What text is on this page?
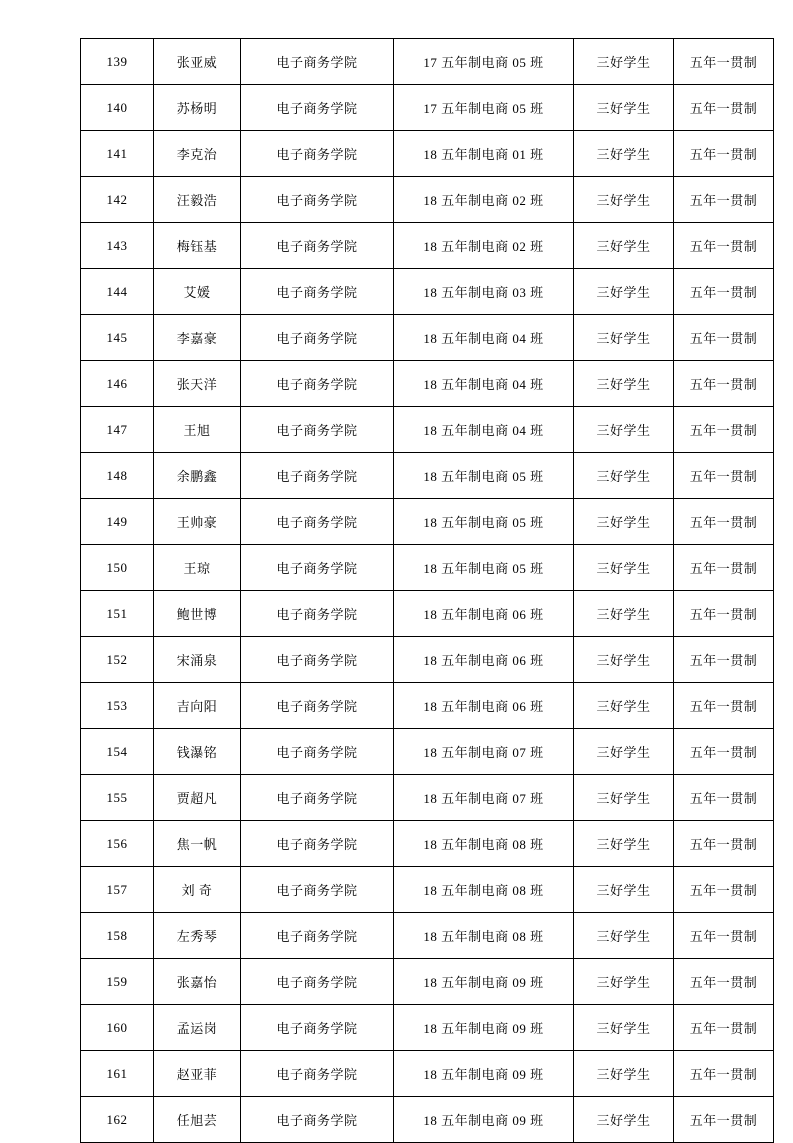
139	张亚威	电子商务学院	17 五年制电商 05 班	三好学生	五年一贯制
140	苏杨明	电子商务学院	17 五年制电商 05 班	三好学生	五年一贯制
141	李克治	电子商务学院	18 五年制电商 01 班	三好学生	五年一贯制
142	汪毅浩	电子商务学院	18 五年制电商 02 班	三好学生	五年一贯制
143	梅钰基	电子商务学院	18 五年制电商 02 班	三好学生	五年一贯制
144	艾媛	电子商务学院	18 五年制电商 03 班	三好学生	五年一贯制
145	李嘉豪	电子商务学院	18 五年制电商 04 班	三好学生	五年一贯制
146	张天洋	电子商务学院	18 五年制电商 04 班	三好学生	五年一贯制
147	王旭	电子商务学院	18 五年制电商 04 班	三好学生	五年一贯制
148	余鹏鑫	电子商务学院	18 五年制电商 05 班	三好学生	五年一贯制
149	王帅豪	电子商务学院	18 五年制电商 05 班	三好学生	五年一贯制
150	王琼	电子商务学院	18 五年制电商 05 班	三好学生	五年一贯制
151	鲍世博	电子商务学院	18 五年制电商 06 班	三好学生	五年一贯制
152	宋涌泉	电子商务学院	18 五年制电商 06 班	三好学生	五年一贯制
153	吉向阳	电子商务学院	18 五年制电商 06 班	三好学生	五年一贯制
154	钱瀑铭	电子商务学院	18 五年制电商 07 班	三好学生	五年一贯制
155	贾超凡	电子商务学院	18 五年制电商 07 班	三好学生	五年一贯制
156	焦一帆	电子商务学院	18 五年制电商 08 班	三好学生	五年一贯制
157	刘 奇	电子商务学院	18 五年制电商 08 班	三好学生	五年一贯制
158	左秀琴	电子商务学院	18 五年制电商 08 班	三好学生	五年一贯制
159	张嘉怡	电子商务学院	18 五年制电商 09 班	三好学生	五年一贯制
160	孟运岗	电子商务学院	18 五年制电商 09 班	三好学生	五年一贯制
161	赵亚菲	电子商务学院	18 五年制电商 09 班	三好学生	五年一贯制
162	任旭芸	电子商务学院	18 五年制电商 09 班	三好学生	五年一贯制
